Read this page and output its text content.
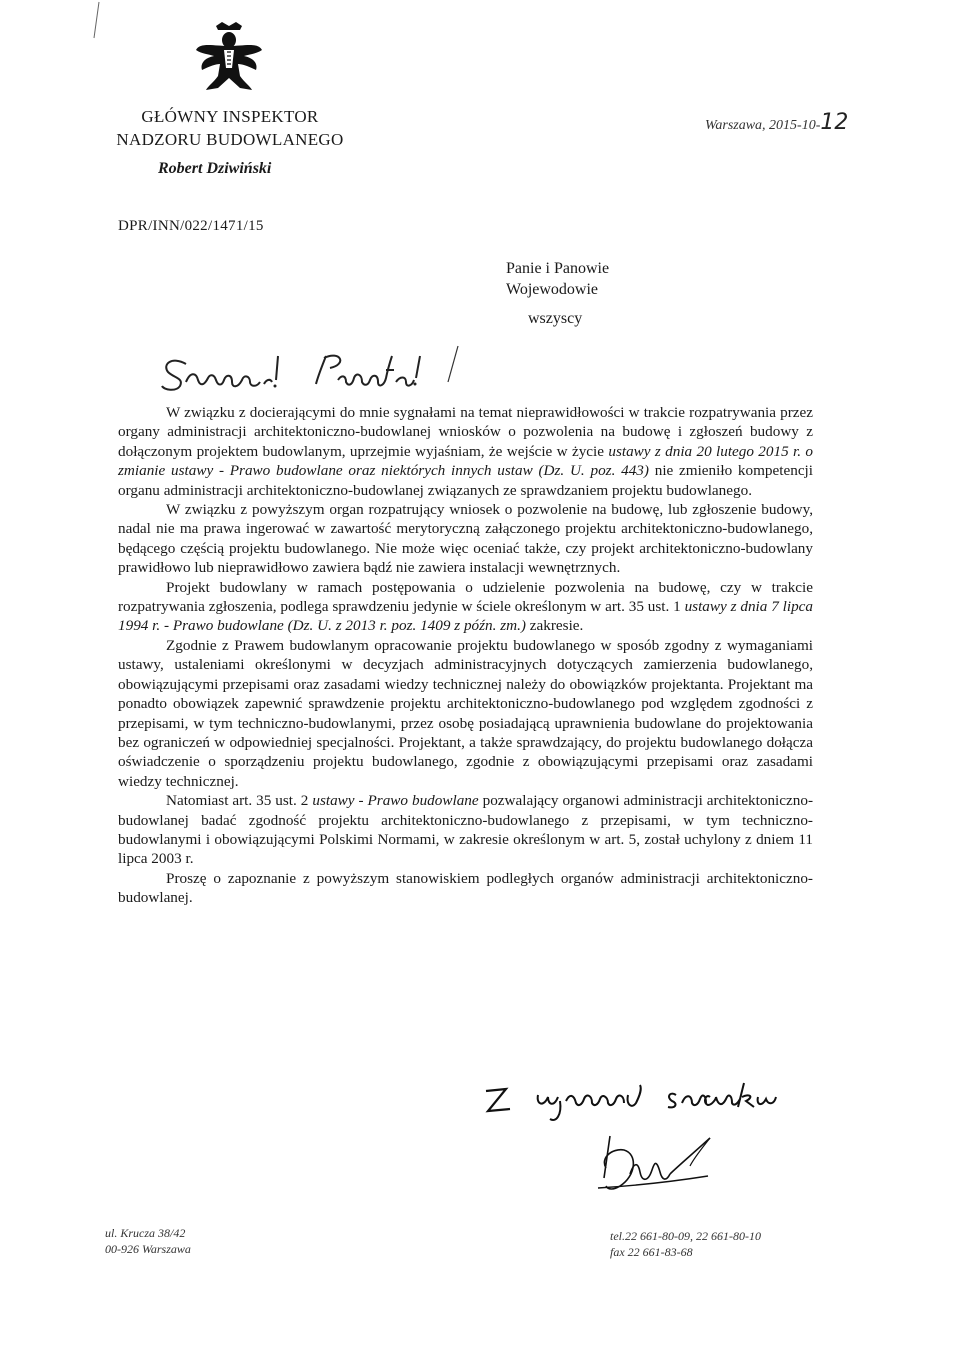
GŁÓWNY INSPEKTOR
NADZORU BUDOWLANEGO
Robert Dziwiński
Warszawa, 2015-10-12
DPR/INN/022/1471/15
Panie i Panowie
Wojewodowie
wszyscy

W związku z docierającymi do mnie sygnałami na temat nieprawidłowości w trakcie rozpatrywania przez organy administracji architektoniczno-budowlanej wniosków o pozwolenia na budowę i zgłoszeń budowy z dołączonym projektem budowlanym, uprzejmie wyjaśniam, że wejście w życie ustawy z dnia 20 lutego 2015 r. o zmianie ustawy - Prawo budowlane oraz niektórych innych ustaw (Dz. U. poz. 443) nie zmieniło kompetencji organu administracji architektoniczno-budowlanej związanych ze sprawdzaniem projektu budowlanego.

W związku z powyższym organ rozpatrujący wniosek o pozwolenie na budowę, lub zgłoszenie budowy, nadal nie ma prawa ingerować w zawartość merytoryczną załączonego projektu architektoniczno-budowlanego, będącego częścią projektu budowlanego. Nie może więc oceniać także, czy projekt architektoniczno-budowlany prawidłowo lub nieprawidłowo zawiera bądź nie zawiera instalacji wewnętrznych.

Projekt budowlany w ramach postępowania o udzielenie pozwolenia na budowę, czy w trakcie rozpatrywania zgłoszenia, podlega sprawdzeniu jedynie w ściele określonym w art. 35 ust. 1 ustawy z dnia 7 lipca 1994 r. - Prawo budowlane (Dz. U. z 2013 r. poz. 1409 z późn. zm.) zakresie.

Zgodnie z Prawem budowlanym opracowanie projektu budowlanego w sposób zgodny z wymaganiami ustawy, ustaleniami określonymi w decyzjach administracyjnych dotyczących zamierzenia budowlanego, obowiązującymi przepisami oraz zasadami wiedzy technicznej należy do obowiązków projektanta. Projektant ma ponadto obowiązek zapewnić sprawdzenie projektu architektoniczno-budowlanego pod względem zgodności z przepisami, w tym techniczno-budowlanymi, przez osobę posiadającą uprawnienia budowlane do projektowania bez ograniczeń w odpowiedniej specjalności. Projektant, a także sprawdzający, do projektu budowlanego dołącza oświadczenie o sporządzeniu projektu budowlanego, zgodnie z obowiązującymi przepisami oraz zasadami wiedzy technicznej.

Natomiast art. 35 ust. 2 ustawy - Prawo budowlane pozwalający organowi administracji architektoniczno-budowlanej badać zgodność projektu architektoniczno-budowlanego z przepisami, w tym techniczno-budowlanymi i obowiązującymi Polskimi Normami, w zakresie określonym w art. 5, został uchylony z dniem 11 lipca 2003 r.

Proszę o zapoznanie z powyższym stanowiskiem podległych organów administracji architektoniczno-budowlanej.

ul. Krucza 38/42
00-926 Warszawa
tel.22 661-80-09, 22 661-80-10
fax 22 661-83-68
